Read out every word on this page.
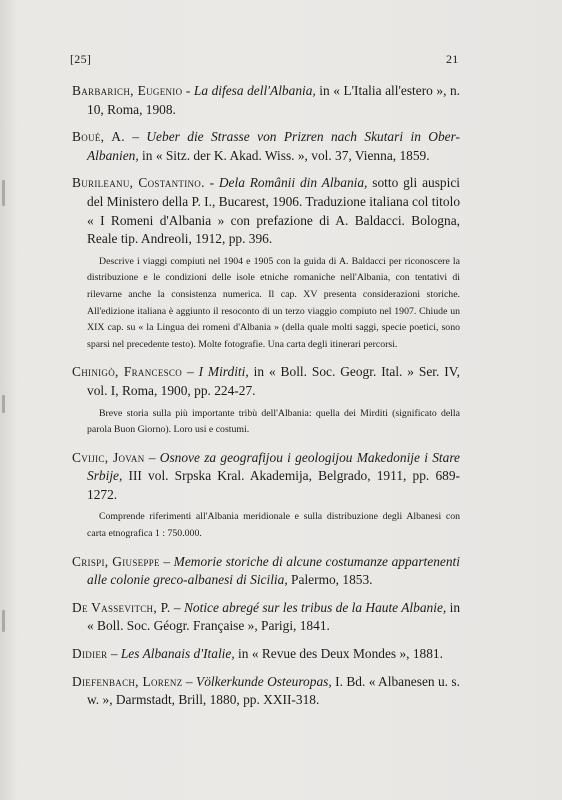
[25]	21

Barbarich, Eugenio - La difesa dell'Albania, in « L'Italia all'estero », n. 10, Roma, 1908.

Boué, A. – Ueber die Strasse von Prizren nach Skutari in Ober-Albanien, in « Sitz. der K. Akad. Wiss. », vol. 37, Vienna, 1859.

Burileanu, Costantino. - Dela Românii din Albania, sotto gli auspici del Ministero della P. I., Bucarest, 1906. Traduzione italiana col titolo « I Romeni d'Albania » con prefazione di A. Baldacci. Bologna, Reale tip. Andreoli, 1912, pp. 396.

Descrive i viaggi compiuti nel 1904 e 1905 con la guida di A. Baldacci per riconoscere la distribuzione e le condizioni delle isole etniche romaniche nell'Albania, con tentativi di rilevarne anche la consistenza numerica. Il cap. XV presenta considerazioni storiche. All'edizione italiana è aggiunto il resoconto di un terzo viaggio compiuto nel 1907. Chiude un XIX cap. su « la Lingua dei romeni d'Albania » (della quale molti saggi, specie poetici, sono sparsi nel precedente testo). Molte fotografie. Una carta degli itinerari percorsi.

Chinigò, Francesco – I Mirditi, in « Boll. Soc. Geogr. Ital. » Ser. IV, vol. I, Roma, 1900, pp. 224-27.

Breve storia sulla più importante tribù dell'Albania: quella dei Mirditi (significato della parola Buon Giorno). Loro usi e costumi.

Cvijic, Jovan – Osnove za geografijou i geologijou Makedonije i Stare Srbije, III vol. Srpska Kral. Akademija, Belgrado, 1911, pp. 689-1272.

Comprende riferimenti all'Albania meridionale e sulla distribuzione degli Albanesi con carta etnografica 1 : 750.000.

Crispi, Giuseppe – Memorie storiche di alcune costumanze appartenenti alle colonie greco-albanesi di Sicilia, Palermo, 1853.

De Vassevitch, P. – Notice abregé sur les tribus de la Haute Albanie, in « Boll. Soc. Géogr. Française », Parigi, 1841.

Didier – Les Albanais d'Italie, in « Revue des Deux Mondes », 1881.

Diefenbach, Lorenz – Völkerkunde Osteuropas, I. Bd. « Albanesen u. s. w. », Darmstadt, Brill, 1880, pp. XXII-318.
